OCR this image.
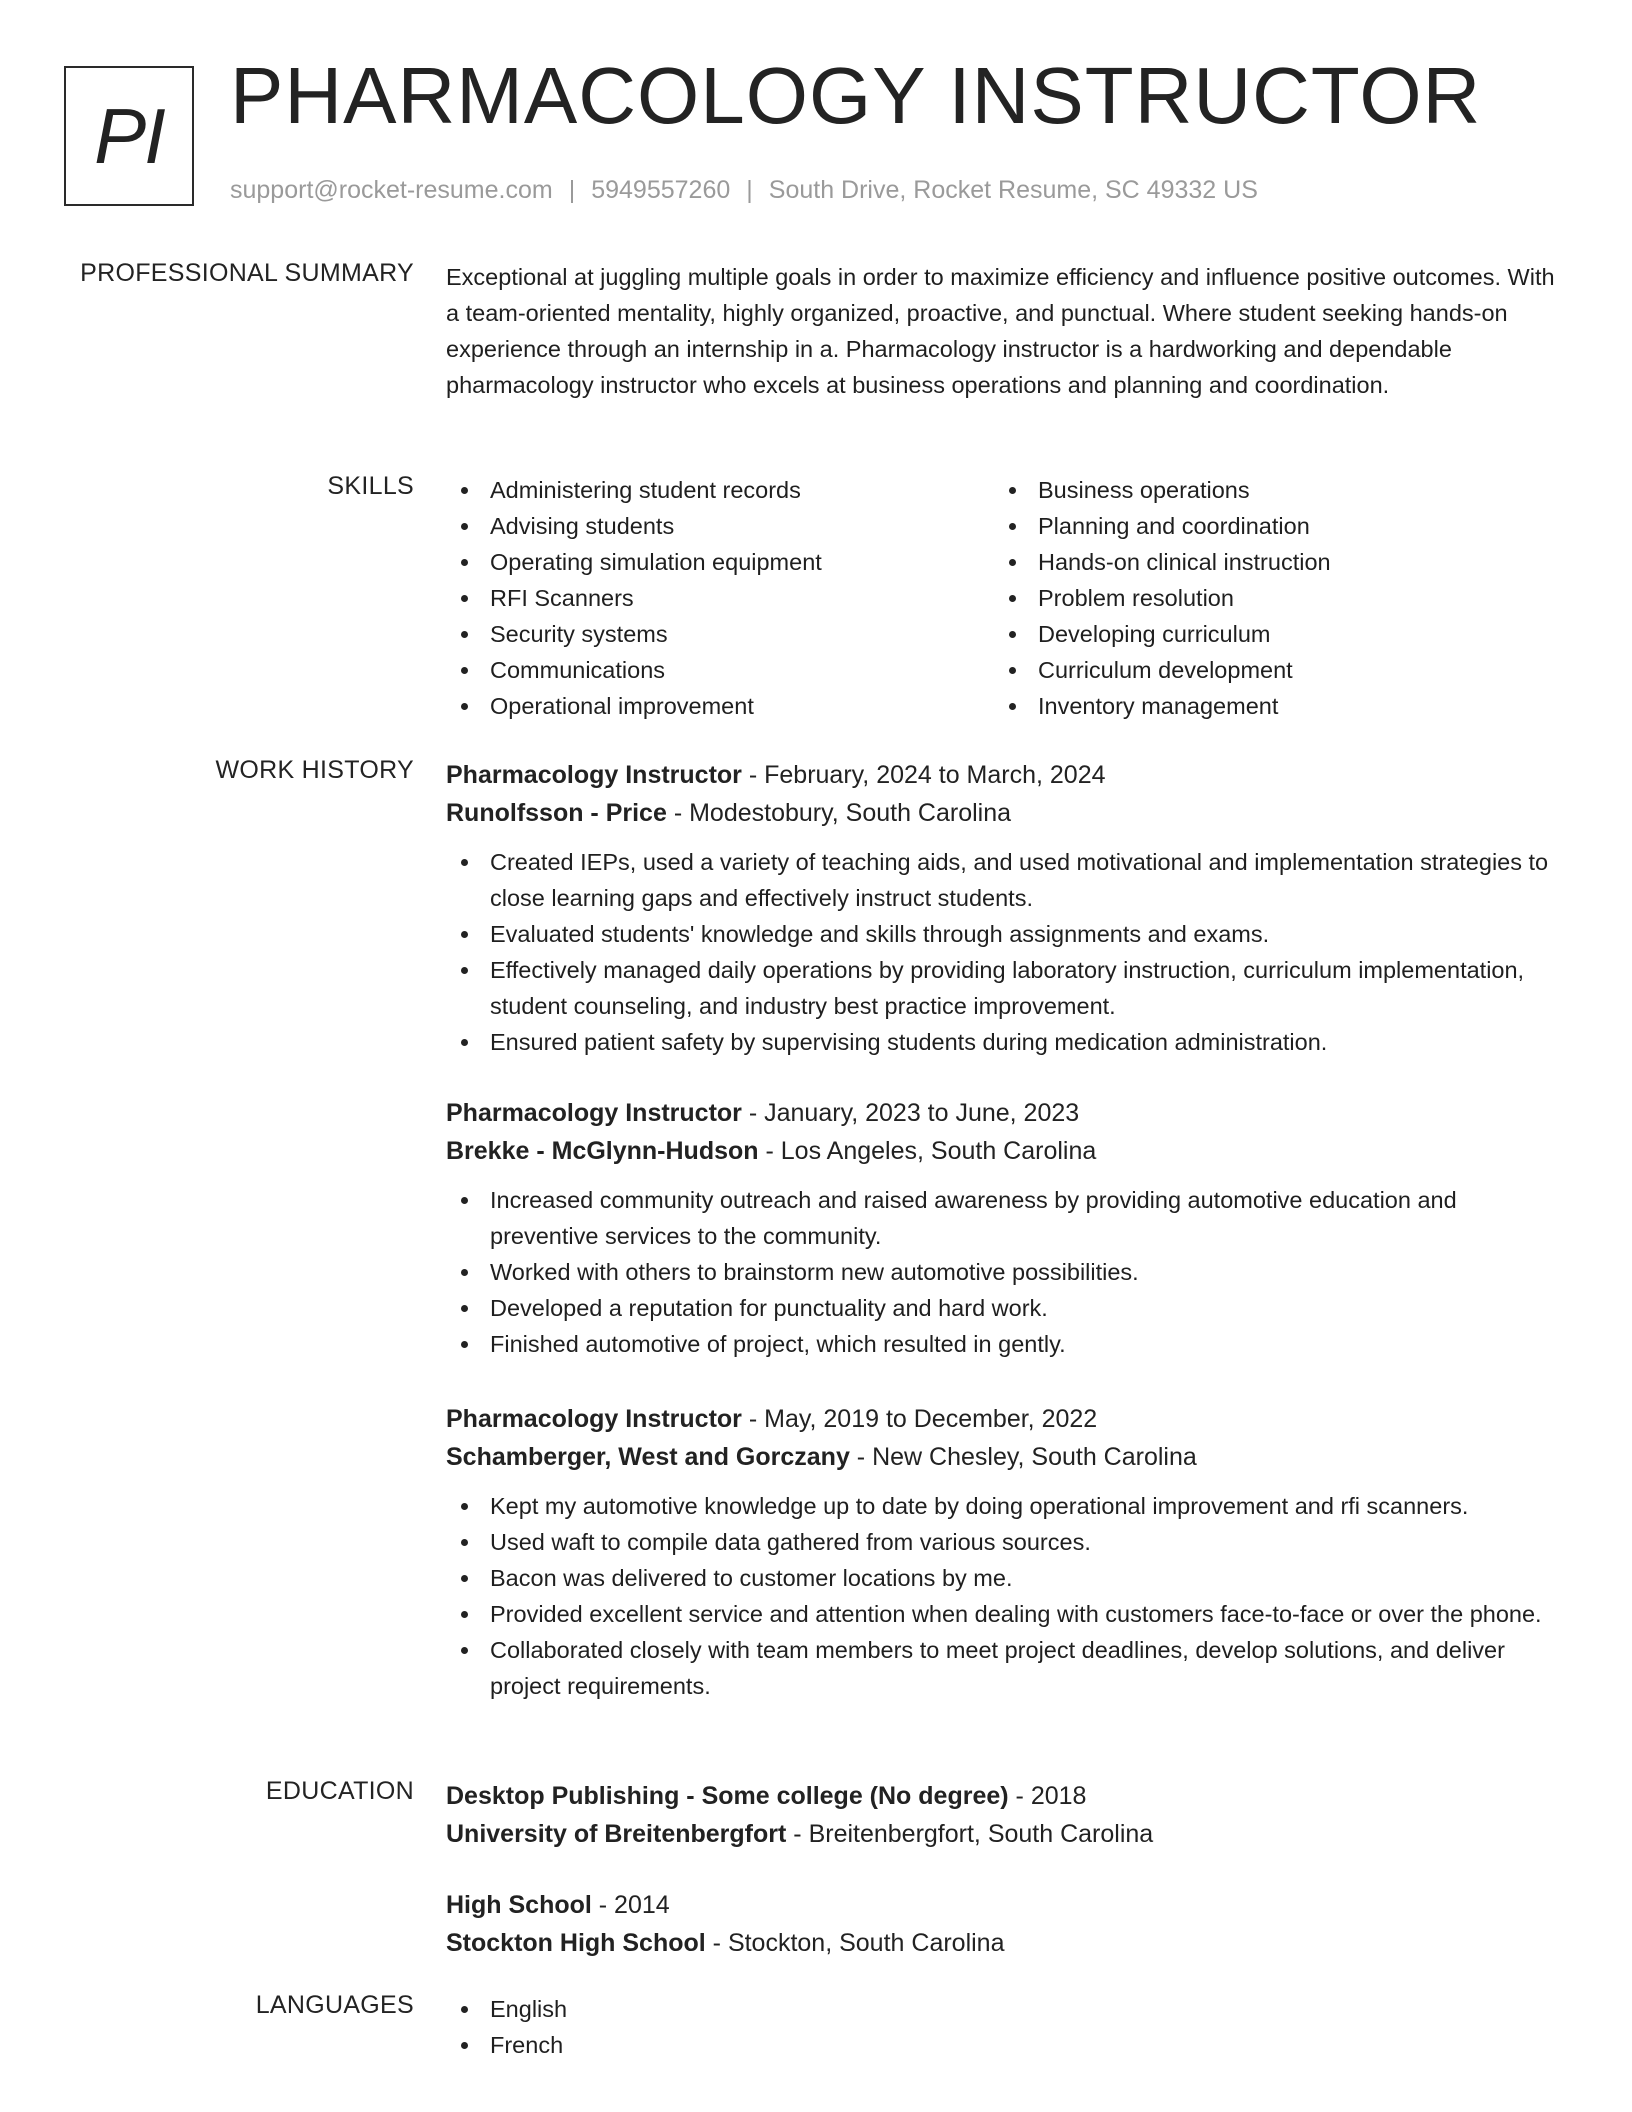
PI PHARMACOLOGY INSTRUCTOR
support@rocket-resume.com | 5949557260 | South Drive, Rocket Resume, SC 49332 US
PROFESSIONAL SUMMARY Exceptional at juggling multiple goals in order to maximize efficiency and influence positive outcomes. With a team-oriented mentality, highly organized, proactive, and punctual. Where student seeking hands-on experience through an internship in a. Pharmacology instructor is a hardworking and dependable pharmacology instructor who excels at business operations and planning and coordination.

SKILLS	Administering student records
Advising students
Operating simulation equipment
RFI Scanners
Security systems
Communications
Operational improvement
Business operations
Planning and coordination
Hands-on clinical instruction
Problem resolution
Developing curriculum
Curriculum development
Inventory management
WORK HISTORY Pharmacology Instructor - February, 2024 to March, 2024
Runolfsson - Price - Modestobury, South Carolina
Created IEPs, used a variety of teaching aids, and used motivational and implementation strategies to close learning gaps and effectively instruct students.
Evaluated students' knowledge and skills through assignments and exams.
Effectively managed daily operations by providing laboratory instruction, curriculum implementation, student counseling, and industry best practice improvement.
Ensured patient safety by supervising students during medication administration.
Pharmacology Instructor - January, 2023 to June, 2023
Brekke - McGlynn-Hudson - Los Angeles, South Carolina
Increased community outreach and raised awareness by providing automotive education and preventive services to the community.
Worked with others to brainstorm new automotive possibilities.
Developed a reputation for punctuality and hard work.
Finished automotive of project, which resulted in gently.
Pharmacology Instructor - May, 2019 to December, 2022
Schamberger, West and Gorczany - New Chesley, South Carolina
Kept my automotive knowledge up to date by doing operational improvement and rfi scanners.
Used waft to compile data gathered from various sources.
Bacon was delivered to customer locations by me.
Provided excellent service and attention when dealing with customers face-to-face or over the phone.
Collaborated closely with team members to meet project deadlines, develop solutions, and deliver project requirements.
EDUCATION Desktop Publishing - Some college (No degree) - 2018
University of Breitenbergfort - Breitenbergfort, South Carolina
High School - 2014
Stockton High School - Stockton, South Carolina
LANGUAGES	English
French
